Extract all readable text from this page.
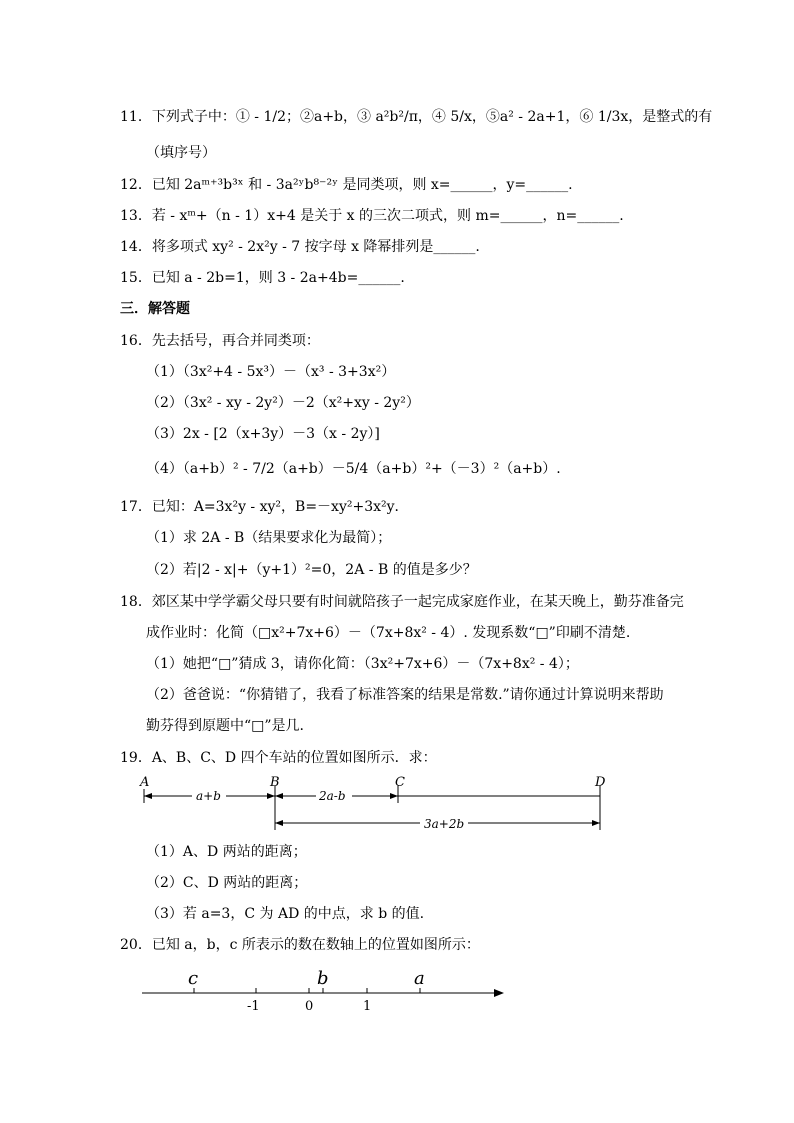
11．下列式子中：① - 1/2；②a+b，③ a²b²/π，④ 5/x，⑤a² - 2a+1，⑥ 1/3x，是整式的有
（填序号）
12．已知 2aᵐ⁺³b³ˣ 和 - 3a²ʸb⁸⁻²ʸ 是同类项，则 x=______，y=______.
13．若 - xᵐ+（n - 1）x+4 是关于 x 的三次二项式，则 m=______，n=______.
14．将多项式 xy² - 2x²y - 7 按字母 x 降幂排列是______.
15．已知 a - 2b=1，则 3 - 2a+4b=______.
三．解答题
16．先去括号，再合并同类项：
（1）（3x²+4 - 5x³）－（x³ - 3+3x²）
（2）（3x² - xy - 2y²）－2（x²+xy - 2y²）
（3）2x - [2（x+3y）－3（x - 2y）]
（4）（a+b）² - 7/2（a+b）－5/4（a+b）²+（－3）²（a+b）.
17．已知：A=3x²y - xy²，B=－xy²+3x²y．
（1）求 2A - B（结果要求化为最简）；
（2）若|2 - x|+（y+1）²=0，2A - B 的值是多少？
18．郊区某中学学霸父母只要有时间就陪孩子一起完成家庭作业，在某天晚上，勤芬准备完
成作业时：化简（□x²+7x+6）－（7x+8x² - 4）. 发现系数“□”印刷不清楚.
（1）她把“□”猜成 3，请你化简：（3x²+7x+6）－（7x+8x² - 4）；
（2）爸爸说：“你猜错了，我看了标准答案的结果是常数.”请你通过计算说明来帮助
勤芬得到原题中“□”是几.
19．A、B、C、D 四个车站的位置如图所示．求：
A	B	C	D
a+b	2a-b
3a+2b
（1）A、D 两站的距离；
（2）C、D 两站的距离；
（3）若 a=3，C 为 AD 的中点，求 b 的值.
20．已知 a，b，c 所表示的数在数轴上的位置如图所示：
c	b	a
-1	0	1
